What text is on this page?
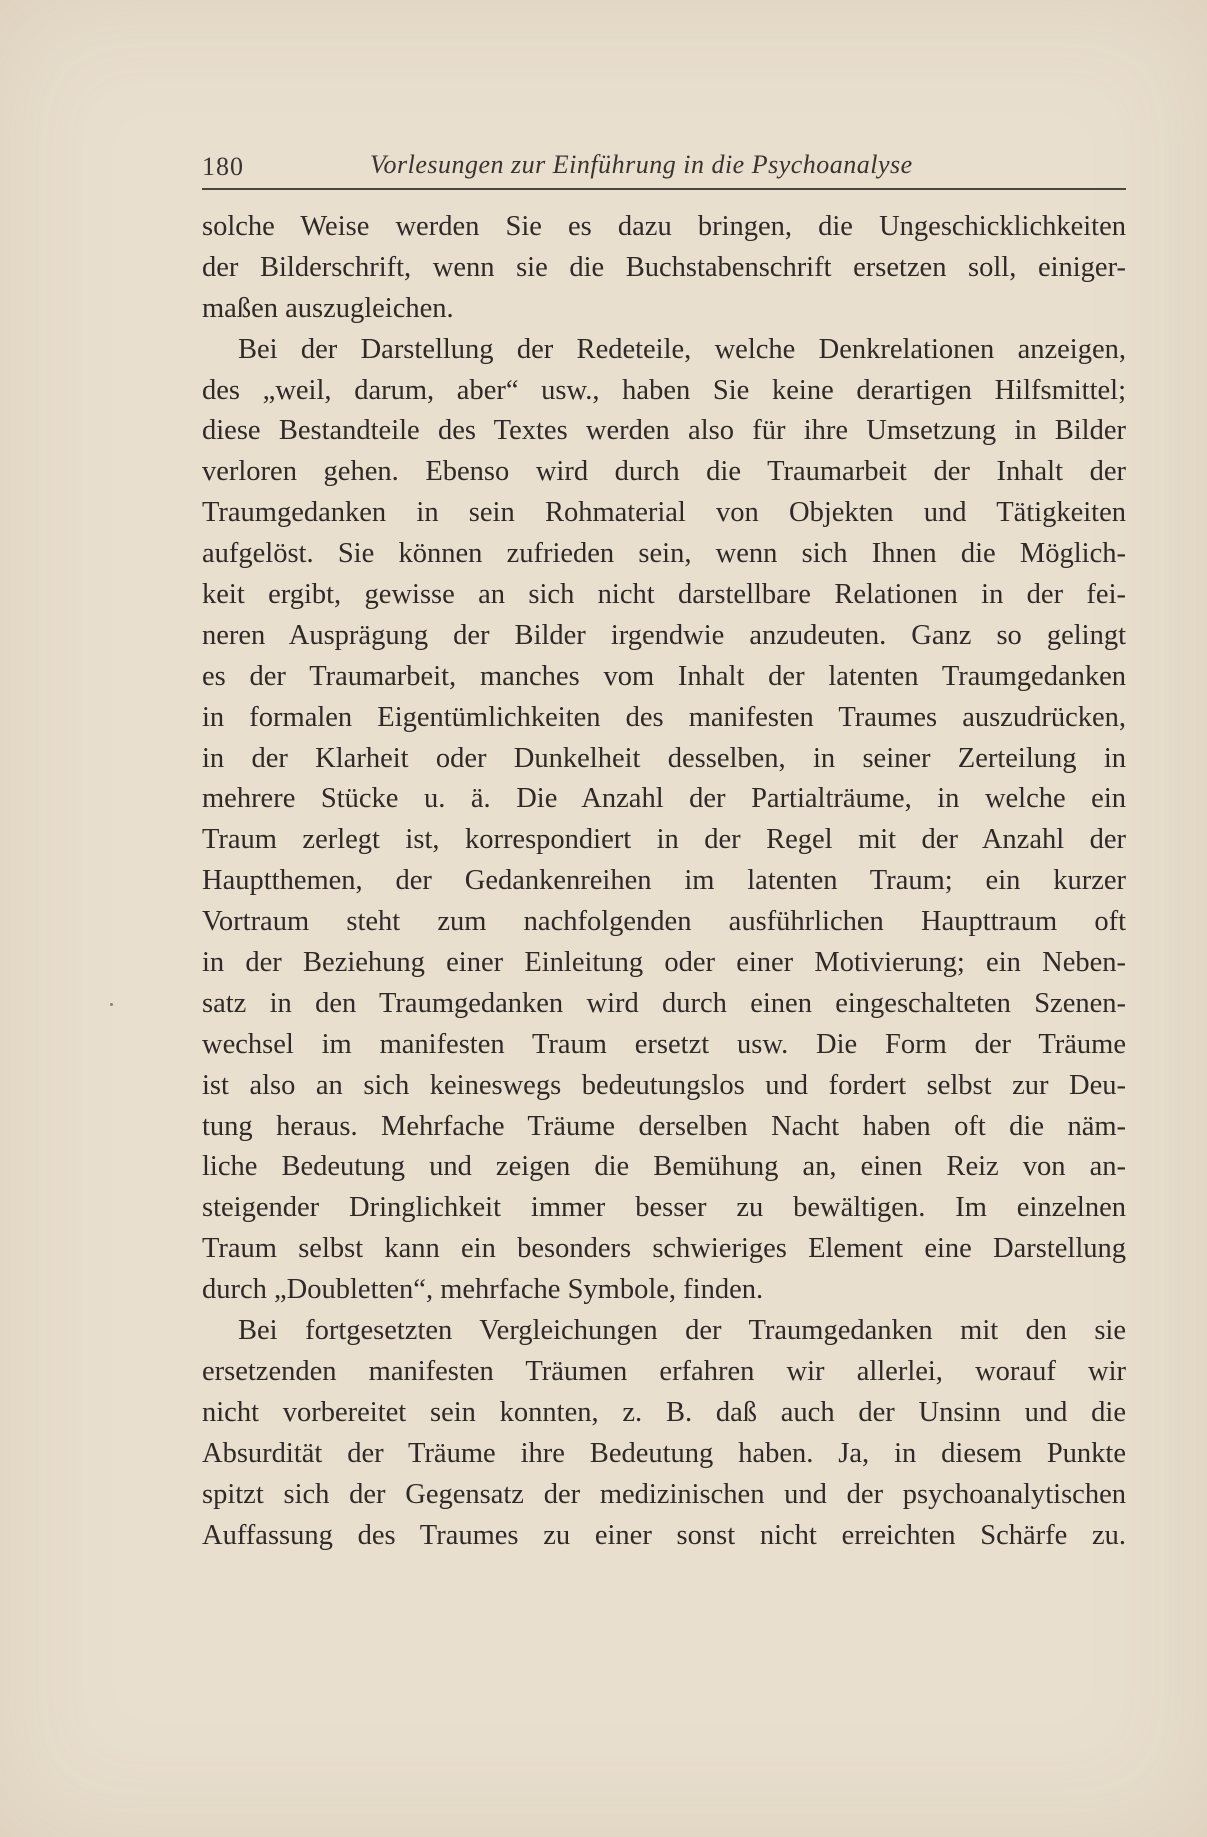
180	Vorlesungen zur Einführung in die Psychoanalyse
solche Weise werden Sie es dazu bringen, die Ungeschicklichkeiten
der Bilderschrift, wenn sie die Buchstabenschrift ersetzen soll, einiger-
maßen auszugleichen.
Bei der Darstellung der Redeteile, welche Denkrelationen anzeigen,
des „weil, darum, aber“ usw., haben Sie keine derartigen Hilfsmittel;
diese Bestandteile des Textes werden also für ihre Umsetzung in Bilder
verloren gehen. Ebenso wird durch die Traumarbeit der Inhalt der
Traumgedanken in sein Rohmaterial von Objekten und Tätigkeiten
aufgelöst. Sie können zufrieden sein, wenn sich Ihnen die Möglich-
keit ergibt, gewisse an sich nicht darstellbare Relationen in der fei-
neren Ausprägung der Bilder irgendwie anzudeuten. Ganz so gelingt
es der Traumarbeit, manches vom Inhalt der latenten Traumgedanken
in formalen Eigentümlichkeiten des manifesten Traumes auszudrücken,
in der Klarheit oder Dunkelheit desselben, in seiner Zerteilung in
mehrere Stücke u. ä. Die Anzahl der Partialträume, in welche ein
Traum zerlegt ist, korrespondiert in der Regel mit der Anzahl der
Hauptthemen, der Gedankenreihen im latenten Traum; ein kurzer
Vortraum steht zum nachfolgenden ausführlichen Haupttraum oft
in der Beziehung einer Einleitung oder einer Motivierung; ein Neben-
satz in den Traumgedanken wird durch einen eingeschalteten Szenen-
wechsel im manifesten Traum ersetzt usw. Die Form der Träume
ist also an sich keineswegs bedeutungslos und fordert selbst zur Deu-
tung heraus. Mehrfache Träume derselben Nacht haben oft die näm-
liche Bedeutung und zeigen die Bemühung an, einen Reiz von an-
steigender Dringlichkeit immer besser zu bewältigen. Im einzelnen
Traum selbst kann ein besonders schwieriges Element eine Darstellung
durch „Doubletten“, mehrfache Symbole, finden.
Bei fortgesetzten Vergleichungen der Traumgedanken mit den sie
ersetzenden manifesten Träumen erfahren wir allerlei, worauf wir
nicht vorbereitet sein konnten, z. B. daß auch der Unsinn und die
Absurdität der Träume ihre Bedeutung haben. Ja, in diesem Punkte
spitzt sich der Gegensatz der medizinischen und der psychoanalytischen
Auffassung des Traumes zu einer sonst nicht erreichten Schärfe zu.
